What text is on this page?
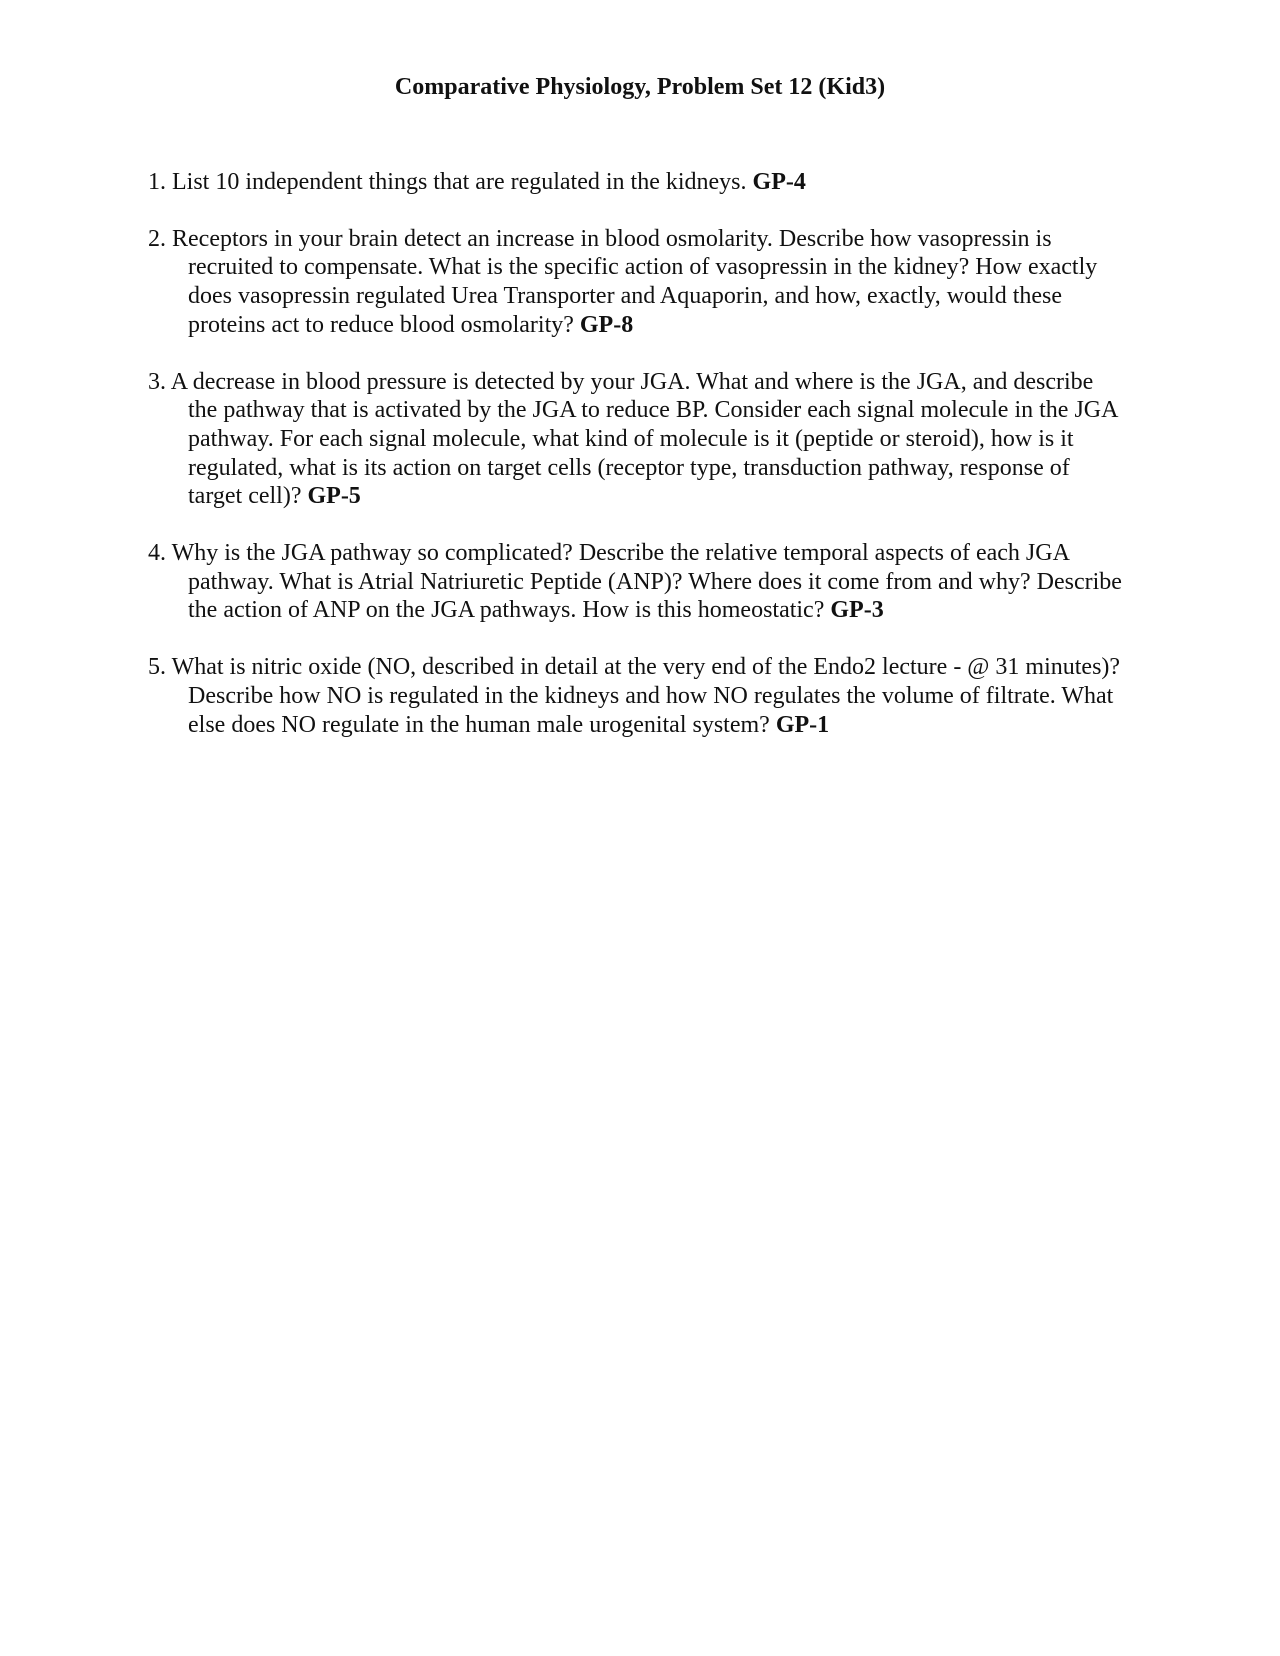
Comparative Physiology, Problem Set 12 (Kid3)
1. List 10 independent things that are regulated in the kidneys. GP-4
2. Receptors in your brain detect an increase in blood osmolarity. Describe how vasopressin is recruited to compensate. What is the specific action of vasopressin in the kidney? How exactly does vasopressin regulated Urea Transporter and Aquaporin, and how, exactly, would these proteins act to reduce blood osmolarity? GP-8
3. A decrease in blood pressure is detected by your JGA. What and where is the JGA, and describe the pathway that is activated by the JGA to reduce BP. Consider each signal molecule in the JGA pathway. For each signal molecule, what kind of molecule is it (peptide or steroid), how is it regulated, what is its action on target cells (receptor type, transduction pathway, response of target cell)? GP-5
4. Why is the JGA pathway so complicated? Describe the relative temporal aspects of each JGA pathway. What is Atrial Natriuretic Peptide (ANP)? Where does it come from and why? Describe the action of ANP on the JGA pathways. How is this homeostatic? GP-3
5. What is nitric oxide (NO, described in detail at the very end of the Endo2 lecture - @ 31 minutes)? Describe how NO is regulated in the kidneys and how NO regulates the volume of filtrate. What else does NO regulate in the human male urogenital system? GP-1
